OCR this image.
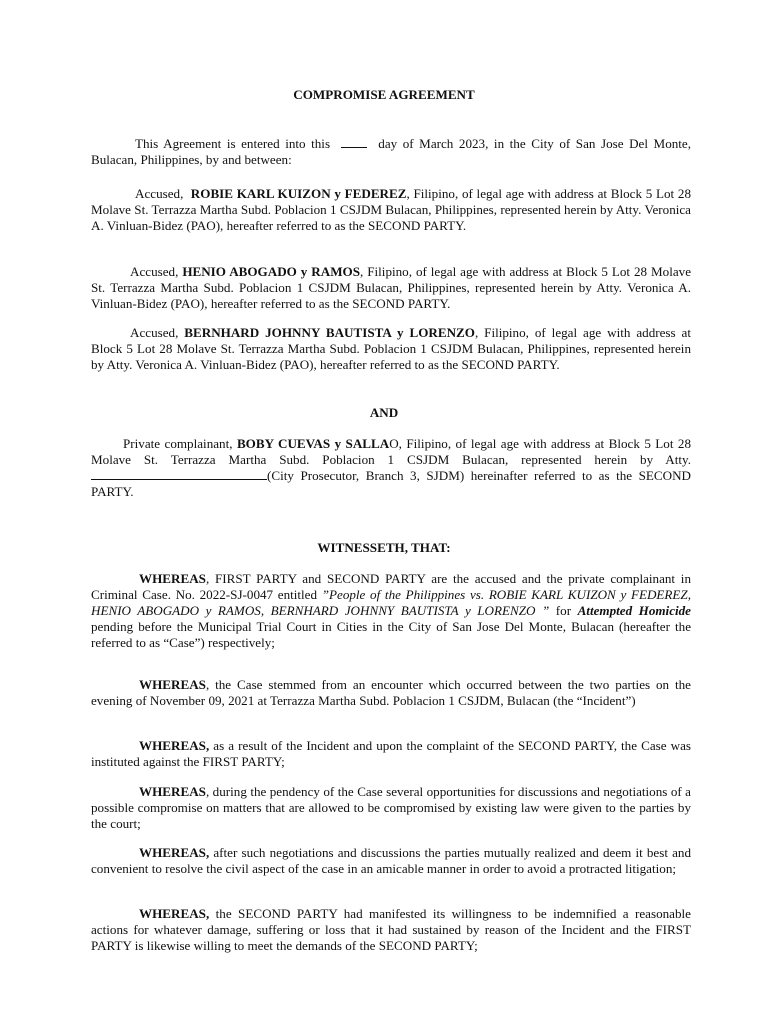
COMPROMISE AGREEMENT

This Agreement is entered into this	day of March 2023, in the City of San Jose Del Monte, Bulacan, Philippines, by and between:

Accused, ROBIE KARL KUIZON y FEDEREZ, Filipino, of legal age with address at Block 5 Lot 28 Molave St. Terrazza Martha Subd. Poblacion 1 CSJDM Bulacan, Philippines, represented herein by Atty. Veronica A. Vinluan-Bidez (PAO), hereafter referred to as the SECOND PARTY.

Accused, HENIO ABOGADO y RAMOS, Filipino, of legal age with address at Block 5 Lot 28 Molave St. Terrazza Martha Subd. Poblacion 1 CSJDM Bulacan, Philippines, represented herein by Atty. Veronica A. Vinluan-Bidez (PAO), hereafter referred to as the SECOND PARTY.

Accused, BERNHARD JOHNNY BAUTISTA y LORENZO, Filipino, of legal age with address at Block 5 Lot 28 Molave St. Terrazza Martha Subd. Poblacion 1 CSJDM Bulacan, Philippines, represented herein by Atty. Veronica A. Vinluan-Bidez (PAO), hereafter referred to as the SECOND PARTY.

AND

Private complainant, BOBY CUEVAS y SALLAO, Filipino, of legal age with address at Block 5 Lot 28 Molave St. Terrazza Martha Subd. Poblacion 1 CSJDM Bulacan, represented herein by Atty. (City Prosecutor, Branch 3, SJDM) hereinafter referred to as the SECOND PARTY.

WITNESSETH, THAT:

WHEREAS, FIRST PARTY and SECOND PARTY are the accused and the private complainant in Criminal Case. No. 2022-SJ-0047 entitled ”People of the Philippines vs. ROBIE KARL KUIZON y FEDEREZ, HENIO ABOGADO y RAMOS, BERNHARD JOHNNY BAUTISTA y LORENZO ” for Attempted Homicide pending before the Municipal Trial Court in Cities in the City of San Jose Del Monte, Bulacan (hereafter the referred to as “Case”) respectively;

WHEREAS, the Case stemmed from an encounter which occurred between the two parties on the evening of November 09, 2021 at Terrazza Martha Subd. Poblacion 1 CSJDM, Bulacan (the “Incident”)

WHEREAS, as a result of the Incident and upon the complaint of the SECOND PARTY, the Case was instituted against the FIRST PARTY;

WHEREAS, during the pendency of the Case several opportunities for discussions and negotiations of a possible compromise on matters that are allowed to be compromised by existing law were given to the parties by the court;

WHEREAS, after such negotiations and discussions the parties mutually realized and deem it best and convenient to resolve the civil aspect of the case in an amicable manner in order to avoid a protracted litigation;

WHEREAS, the SECOND PARTY had manifested its willingness to be indemnified a reasonable actions for whatever damage, suffering or loss that it had sustained by reason of the Incident and the FIRST PARTY is likewise willing to meet the demands of the SECOND PARTY;
